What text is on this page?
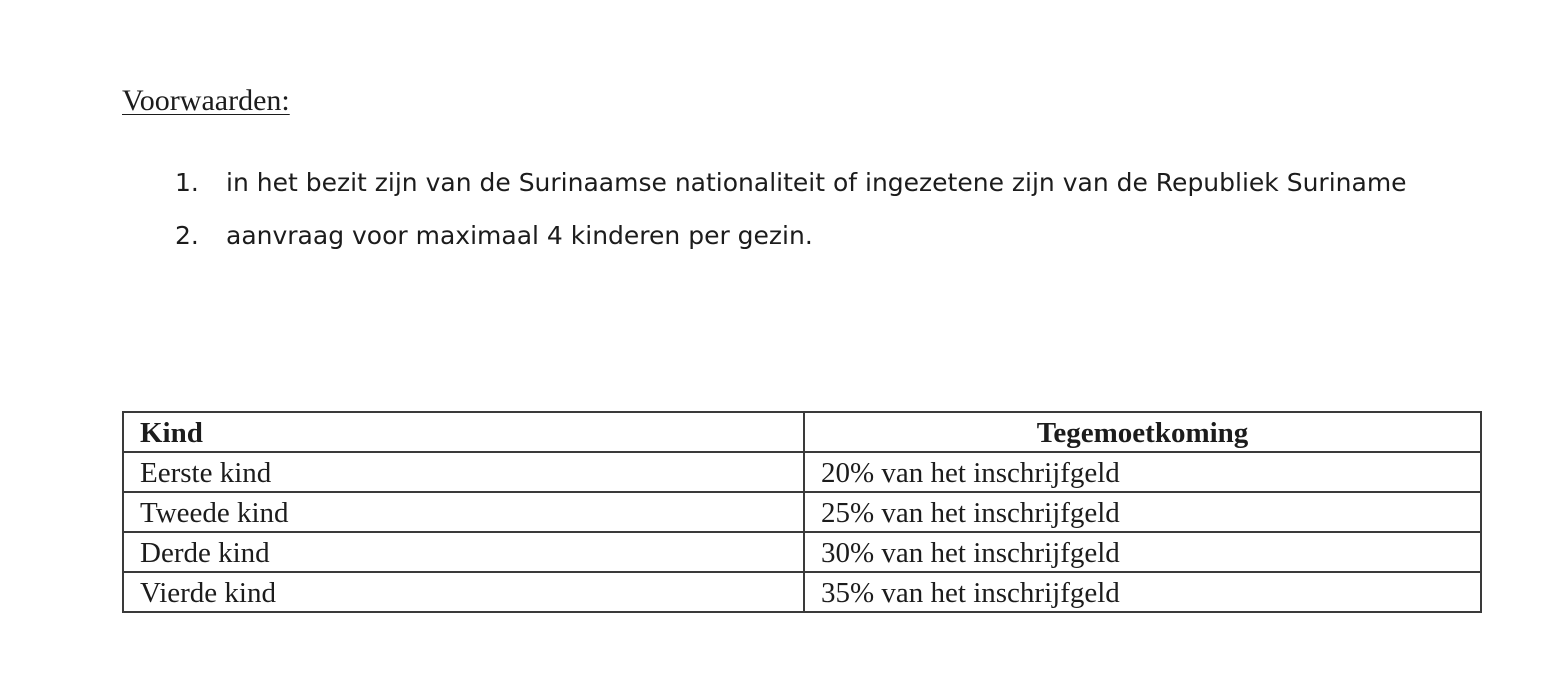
Voorwaarden:
1. in het bezit zijn van de Surinaamse nationaliteit of ingezetene zijn van de Republiek Suriname
2. aanvraag voor maximaal 4 kinderen per gezin.
Kind	Tegemoetkoming
Eerste kind	20% van het inschrijfgeld
Tweede kind	25% van het inschrijfgeld
Derde kind	30% van het inschrijfgeld
Vierde kind	35% van het inschrijfgeld
